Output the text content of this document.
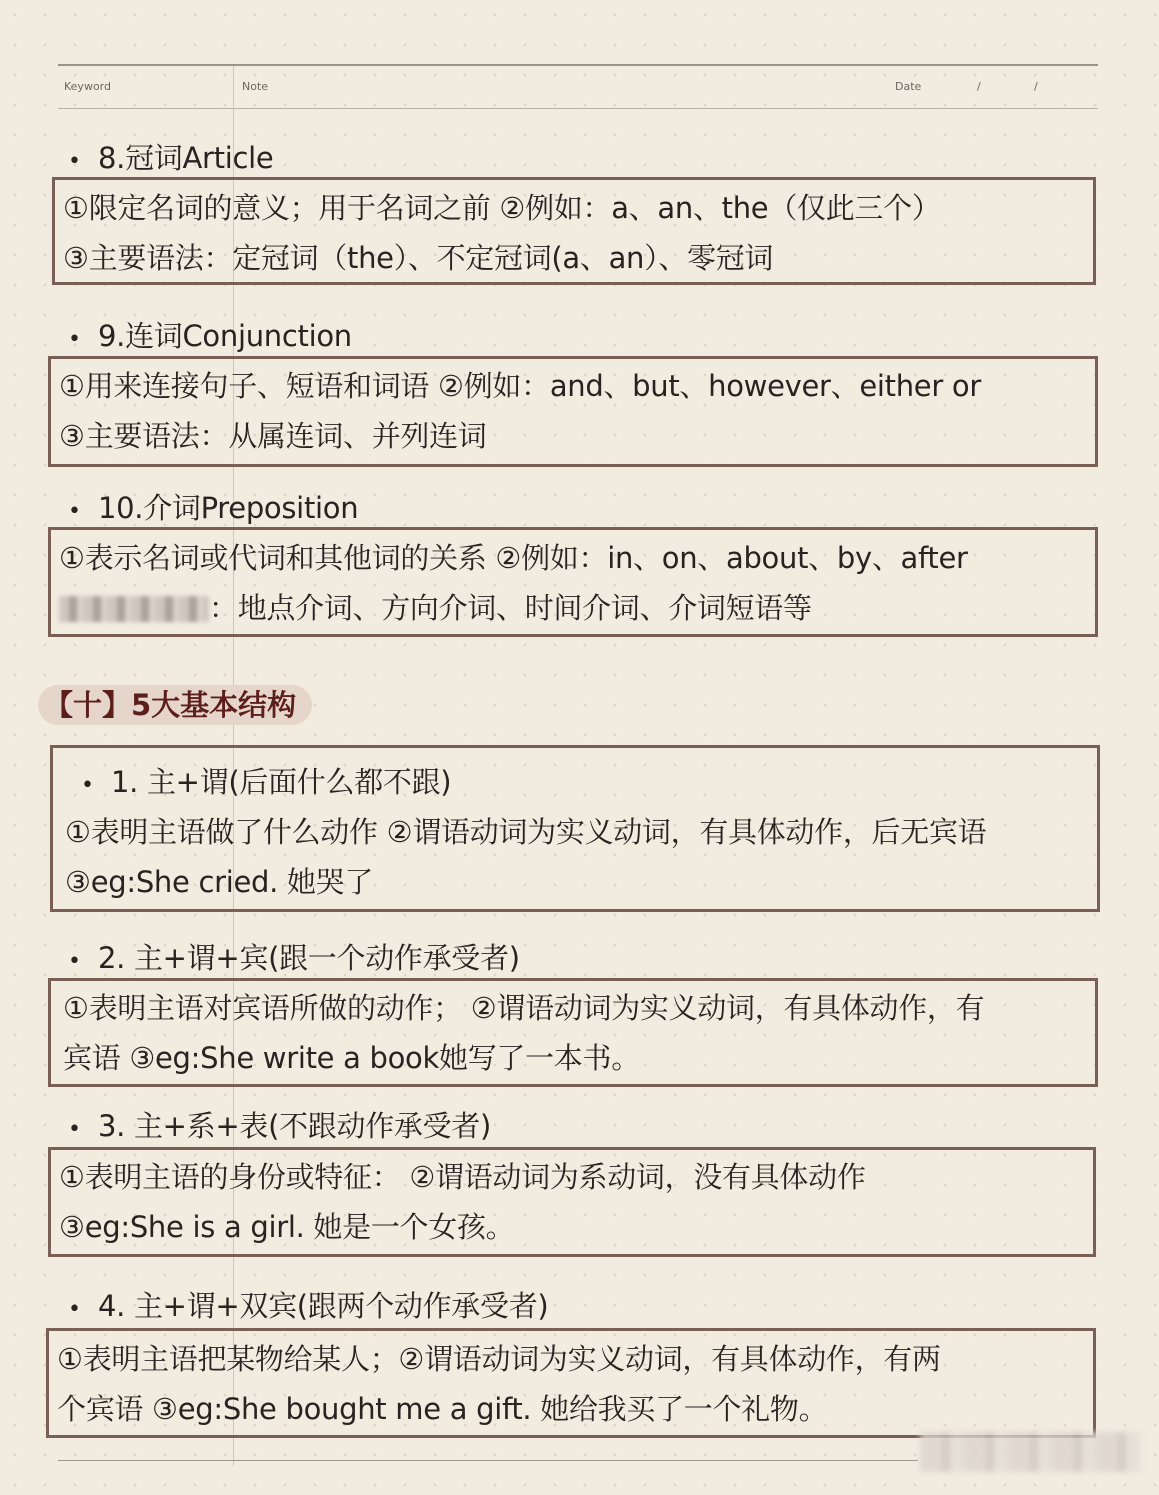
Keyword	Note	Date	/	/
• 8.冠词Article
①限定名词的意义；用于名词之前 ②例如：a、an、the（仅此三个）
③主要语法：定冠词（the）、不定冠词(a、an）、零冠词
• 9.连词Conjunction
①用来连接句子、短语和词语 ②例如：and、but、however、either or
③主要语法：从属连词、并列连词
• 10.介词Preposition
①表示名词或代词和其他词的关系 ②例如：in、on、about、by、after
：地点介词、方向介词、时间介词、介词短语等
【十】5大基本结构
• 1. 主+谓(后面什么都不跟)
①表明主语做了什么动作 ②谓语动词为实义动词，有具体动作，后无宾语
③eg:She cried. 她哭了
• 2. 主+谓+宾(跟一个动作承受者)
①表明主语对宾语所做的动作； ②谓语动词为实义动词，有具体动作，有
宾语 ③eg:She write a book她写了一本书。
• 3. 主+系+表(不跟动作承受者)
①表明主语的身份或特征： ②谓语动词为系动词，没有具体动作
③eg:She is a girl. 她是一个女孩。
• 4. 主+谓+双宾(跟两个动作承受者)
①表明主语把某物给某人；②谓语动词为实义动词，有具体动作，有两
个宾语 ③eg:She bought me a gift. 她给我买了一个礼物。
